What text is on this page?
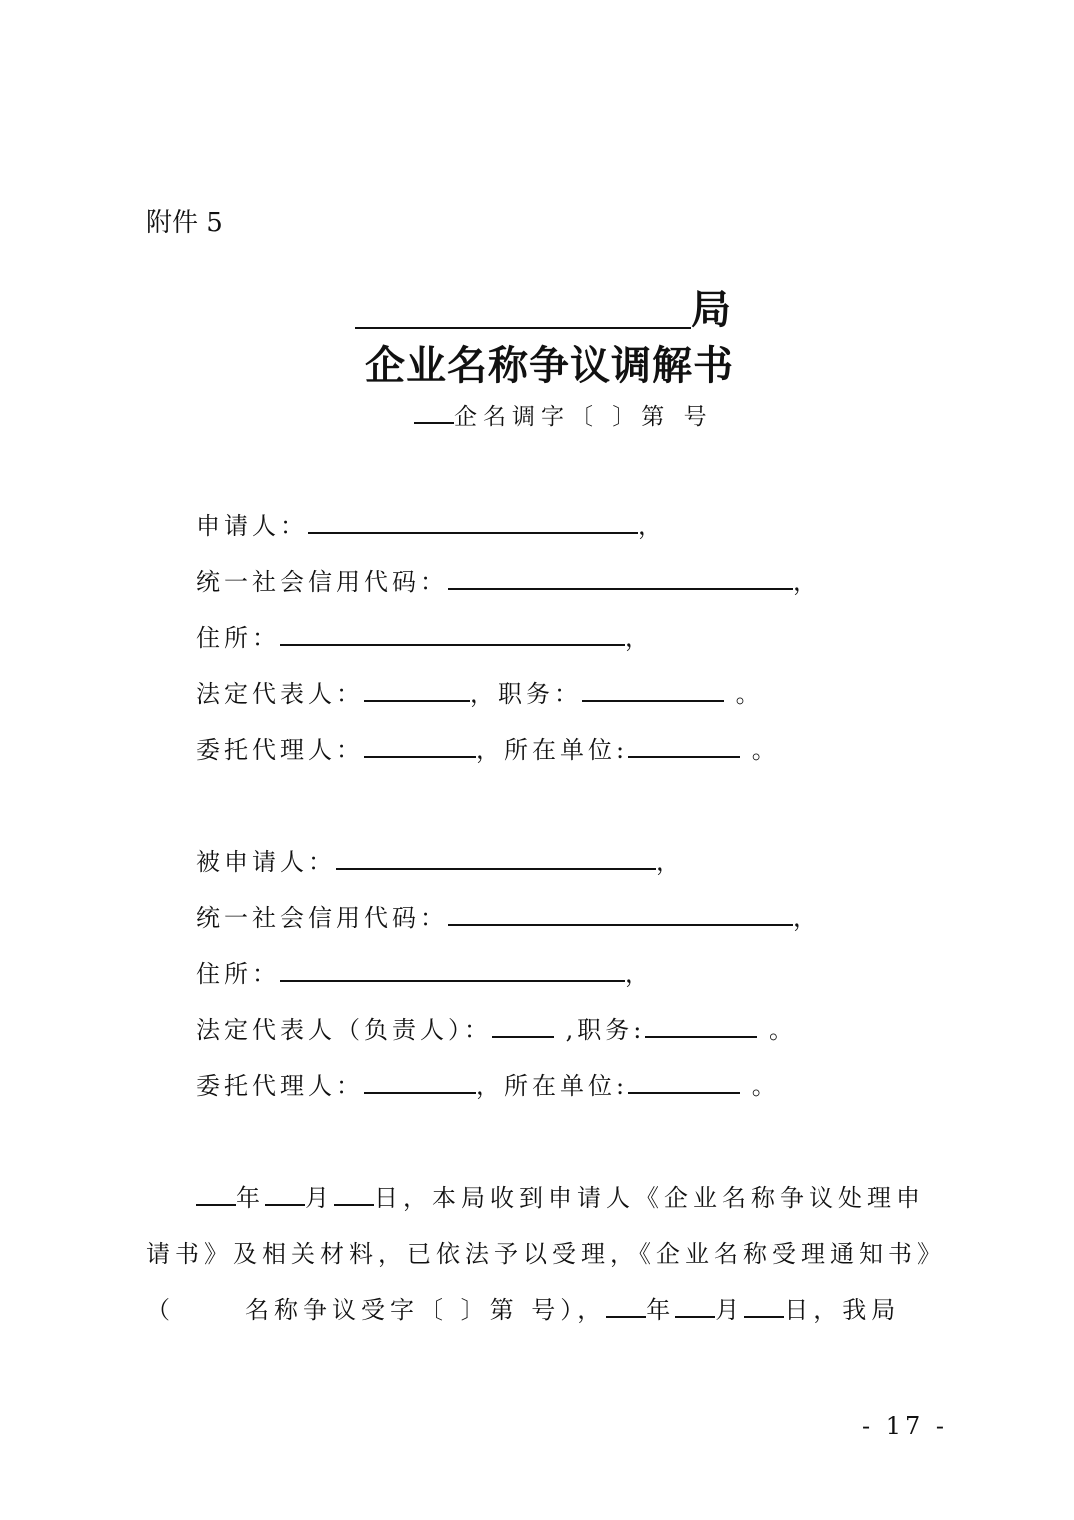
附件 5
局
企业名称争议调解书
企名调字〔 〕第 号
申请人：	，
统一社会信用代码：	，
住所：	，
法定代表人：	，职务：	。
委托代理人：	，所在单位:	。
被申请人：	，
统一社会信用代码：	，
住所：	，
法定代表人（负责人）：	,职务:	。
委托代理人：	，所在单位:	。
年 月 日，本局收到申请人《企业名称争议处理申
请书》及相关材料，已依法予以受理，《企业名称受理通知书》
（	名称争议受字〔 〕第 号）， 年 月 日，我局
- 17 -
